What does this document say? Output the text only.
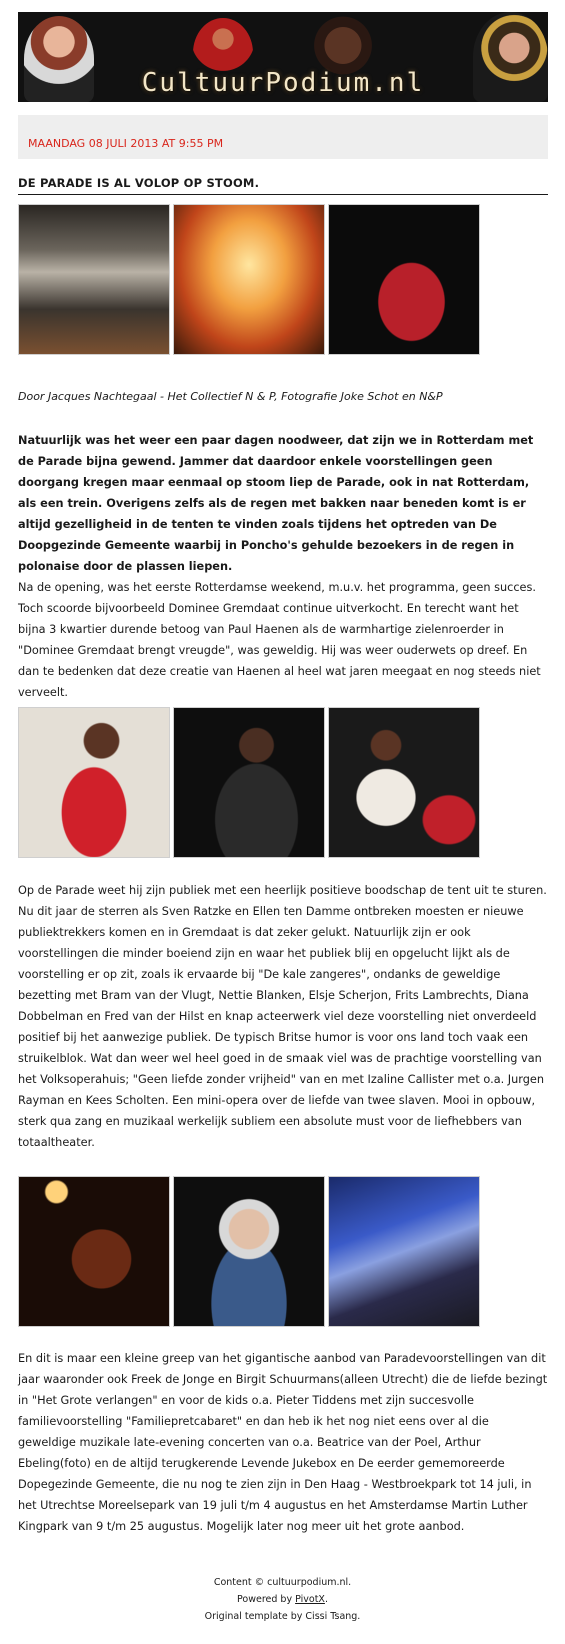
CultuurPodium.nl
MAANDAG 08 JULI 2013 AT 9:55 PM
DE PARADE IS AL VOLOP OP STOOM.
Door Jacques Nachtegaal - Het Collectief N & P, Fotografie Joke Schot en N&P

Natuurlijk was het weer een paar dagen noodweer, dat zijn we in Rotterdam met de Parade bijna gewend. Jammer dat daardoor enkele voorstellingen geen doorgang kregen maar eenmaal op stoom liep de Parade, ook in nat Rotterdam, als een trein. Overigens zelfs als de regen met bakken naar beneden komt is er altijd gezelligheid in de tenten te vinden zoals tijdens het optreden van De Doopgezinde Gemeente waarbij in Poncho's gehulde bezoekers in de regen in polonaise door de plassen liepen.

Na de opening, was het eerste Rotterdamse weekend, m.u.v. het programma, geen succes. Toch scoorde bijvoorbeeld Dominee Gremdaat continue uitverkocht. En terecht want het bijna 3 kwartier durende betoog van Paul Haenen als de warmhartige zielenroerder in "Dominee Gremdaat brengt vreugde", was geweldig. Hij was weer ouderwets op dreef. En dan te bedenken dat deze creatie van Haenen al heel wat jaren meegaat en nog steeds niet verveelt.

Op de Parade weet hij zijn publiek met een heerlijk positieve boodschap de tent uit te sturen. Nu dit jaar de sterren als Sven Ratzke en Ellen ten Damme ontbreken moesten er nieuwe publiektrekkers komen en in Gremdaat is dat zeker gelukt. Natuurlijk zijn er ook voorstellingen die minder boeiend zijn en waar het publiek blij en opgelucht lijkt als de voorstelling er op zit, zoals ik ervaarde bij "De kale zangeres", ondanks de geweldige bezetting met Bram van der Vlugt, Nettie Blanken, Elsje Scherjon, Frits Lambrechts, Diana Dobbelman en Fred van der Hilst en knap acteerwerk viel deze voorstelling niet onverdeeld positief bij het aanwezige publiek. De typisch Britse humor is voor ons land toch vaak een struikelblok. Wat dan weer wel heel goed in de smaak viel was de prachtige voorstelling van het Volksoperahuis; "Geen liefde zonder vrijheid" van en met Izaline Callister met o.a. Jurgen Rayman en Kees Scholten. Een mini-opera over de liefde van twee slaven. Mooi in opbouw, sterk qua zang en muzikaal werkelijk subliem een absolute must voor de liefhebbers van totaaltheater.

En dit is maar een kleine greep van het gigantische aanbod van Paradevoorstellingen van dit jaar waaronder ook Freek de Jonge en Birgit Schuurmans(alleen Utrecht) die de liefde bezingt in "Het Grote verlangen" en voor de kids o.a. Pieter Tiddens met zijn succesvolle familievoorstelling "Familiepretcabaret" en dan heb ik het nog niet eens over al die geweldige muzikale late-evening concerten van o.a. Beatrice van der Poel, Arthur Ebeling(foto) en de altijd terugkerende Levende Jukebox en De eerder gememoreerde Dopegezinde Gemeente, die nu nog te zien zijn in Den Haag - Westbroekpark tot 14 juli, in het Utrechtse Moreelsepark van 19 juli t/m 4 augustus en het Amsterdamse Martin Luther Kingpark van 9 t/m 25 augustus. Mogelijk later nog meer uit het grote aanbod.

Content © cultuurpodium.nl.
Powered by PivotX.
Original template by Cissi Tsang.
